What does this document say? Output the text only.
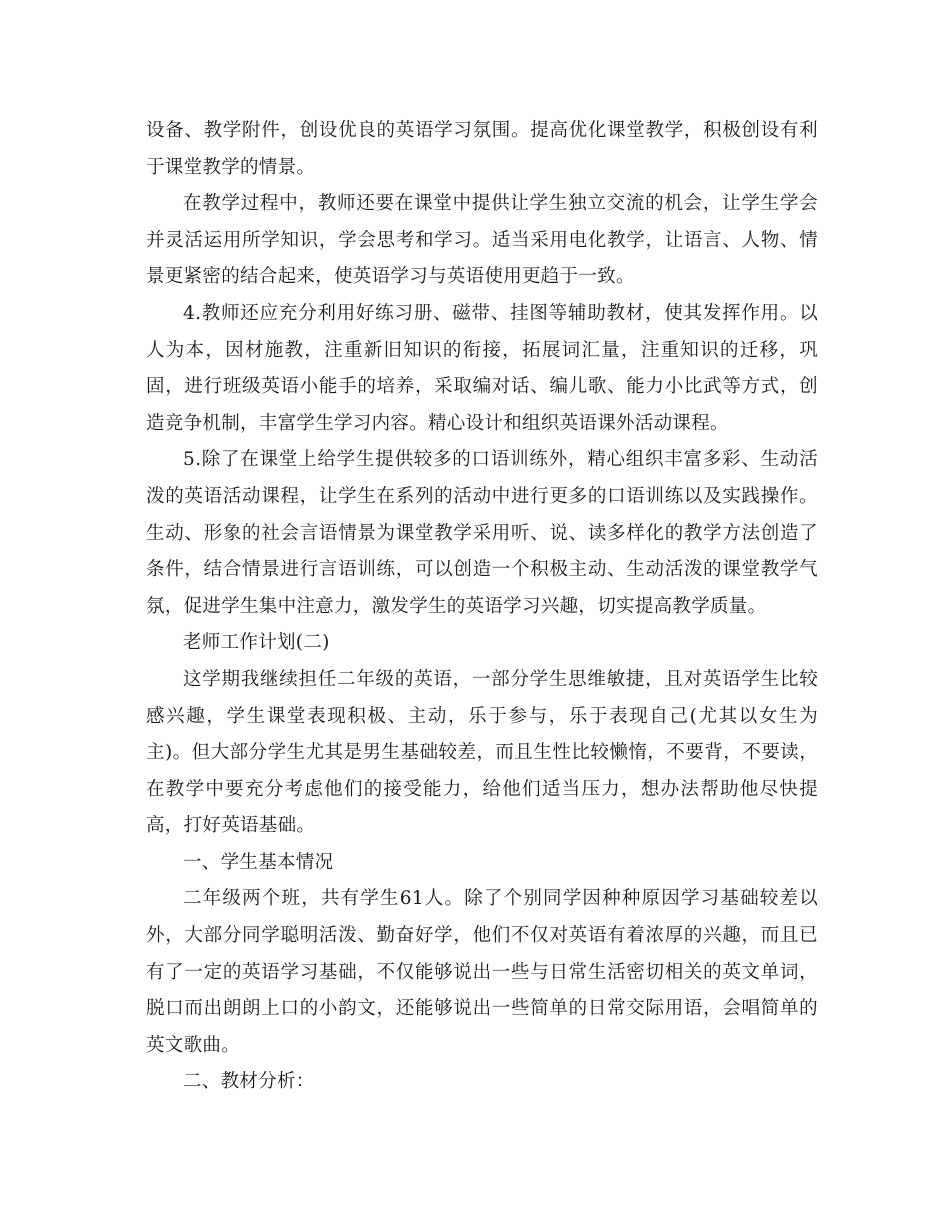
设备、教学附件，创设优良的英语学习氛围。提高优化课堂教学，积极创设有利于课堂教学的情景。

在教学过程中，教师还要在课堂中提供让学生独立交流的机会，让学生学会并灵活运用所学知识，学会思考和学习。适当采用电化教学，让语言、人物、情景更紧密的结合起来，使英语学习与英语使用更趋于一致。

4.教师还应充分利用好练习册、磁带、挂图等辅助教材，使其发挥作用。以人为本，因材施教，注重新旧知识的衔接，拓展词汇量，注重知识的迁移，巩固，进行班级英语小能手的培养，采取编对话、编儿歌、能力小比武等方式，创造竞争机制，丰富学生学习内容。精心设计和组织英语课外活动课程。

5.除了在课堂上给学生提供较多的口语训练外，精心组织丰富多彩、生动活泼的英语活动课程，让学生在系列的活动中进行更多的口语训练以及实践操作。生动、形象的社会言语情景为课堂教学采用听、说、读多样化的教学方法创造了条件，结合情景进行言语训练，可以创造一个积极主动、生动活泼的课堂教学气氛，促进学生集中注意力，激发学生的英语学习兴趣，切实提高教学质量。

老师工作计划(二)

这学期我继续担任二年级的英语，一部分学生思维敏捷，且对英语学生比较感兴趣，学生课堂表现积极、主动，乐于参与，乐于表现自己(尤其以女生为主)。但大部分学生尤其是男生基础较差，而且生性比较懒惰，不要背，不要读，在教学中要充分考虑他们的接受能力，给他们适当压力，想办法帮助他尽快提高，打好英语基础。

一、学生基本情况

二年级两个班，共有学生61人。除了个别同学因种种原因学习基础较差以外，大部分同学聪明活泼、勤奋好学，他们不仅对英语有着浓厚的兴趣，而且已有了一定的英语学习基础，不仅能够说出一些与日常生活密切相关的英文单词，脱口而出朗朗上口的小韵文，还能够说出一些简单的日常交际用语，会唱简单的英文歌曲。

二、教材分析：
